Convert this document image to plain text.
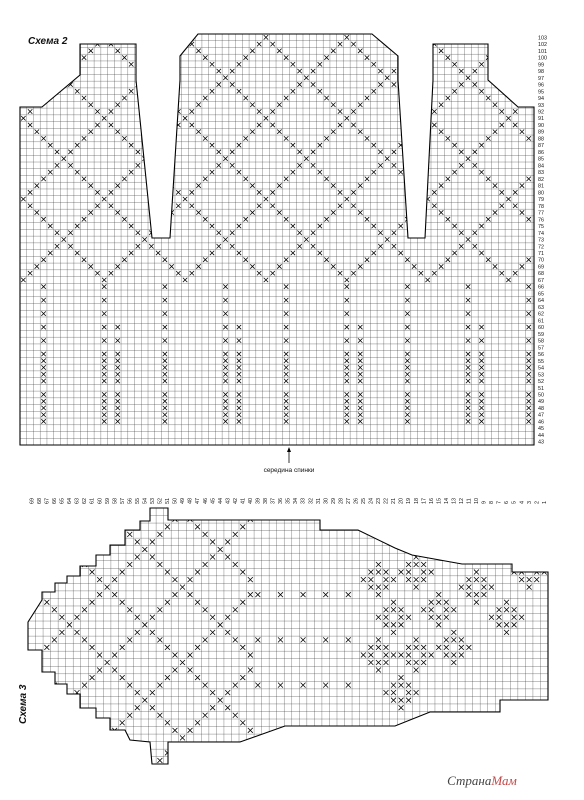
Схема 2	103
102
101
100
99
98
97
96
95
94
93
92
91
90
89
88
87
86
85
84
83
82
81
80
79
78
77
76
75
74
73
72
71
70
69
68
67
66
65
64
63
62
61
60
59
58
57
56
55
54
53
52
51
50
49
48
47
46
45
44
43
середина спинки
Схема 3
69 68 67 66 65 64 63 62 61 60 59 58 57 56 55 54 53 52 51 50 49 48 47 46 45 44 43 42 41 40 39 38 37 36 35 34 33 32 31 30 29 28 27 26 25 24 23 22 21 20 19 18 17 16 15 14 13 12 11 10 9 8 7 6 5 4 3 2 1
СтранаМам
